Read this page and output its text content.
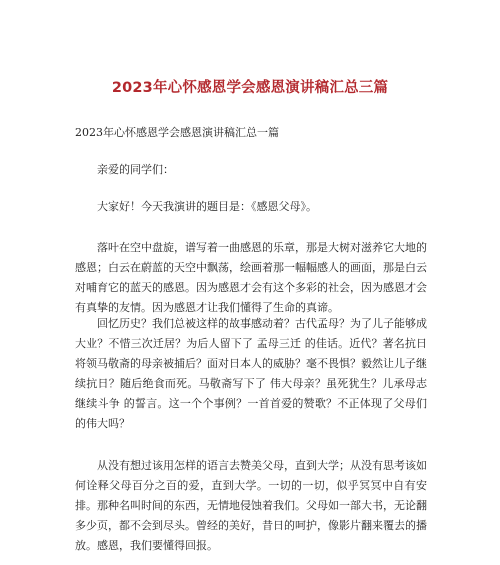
2023年心怀感恩学会感恩演讲稿汇总三篇
2023年心怀感恩学会感恩演讲稿汇总一篇

亲爱的同学们：

大家好！今天我演讲的题目是：《感恩父母》。

落叶在空中盘旋，谱写着一曲感恩的乐章，那是大树对滋养它大地的感恩；白云在蔚蓝的天空中飘荡，绘画着那一幅幅感人的画面，那是白云对哺育它的蓝天的感恩。因为感恩才会有这个多彩的社会，因为感恩才会有真挚的友情。因为感恩才让我们懂得了生命的真谛。

回忆历史？我们总被这样的故事感动着？古代孟母？为了儿子能够成大业？不惜三次迁居？为后人留下了 孟母三迁 的佳话。近代？著名抗日将领马敬斋的母亲被捕后？面对日本人的威胁？毫不畏惧？毅然让儿子继续抗日？随后绝食而死。马敬斋写下了 伟大母亲？虽死犹生？儿承母志继续斗争 的誓言。这一个个事例？一首首爱的赞歌？不正体现了父母们的伟大吗？

从没有想过该用怎样的语言去赞美父母，直到大学；从没有思考该如何诠释父母百分之百的爱，直到大学。一切的一切，似乎冥冥中自有安排。那种名叫时间的东西，无情地侵蚀着我们。父母如一部大书，无论翻多少页，都不会到尽头。曾经的美好，昔日的呵护，像影片翻来覆去的播放。感恩，我们要懂得回报。
